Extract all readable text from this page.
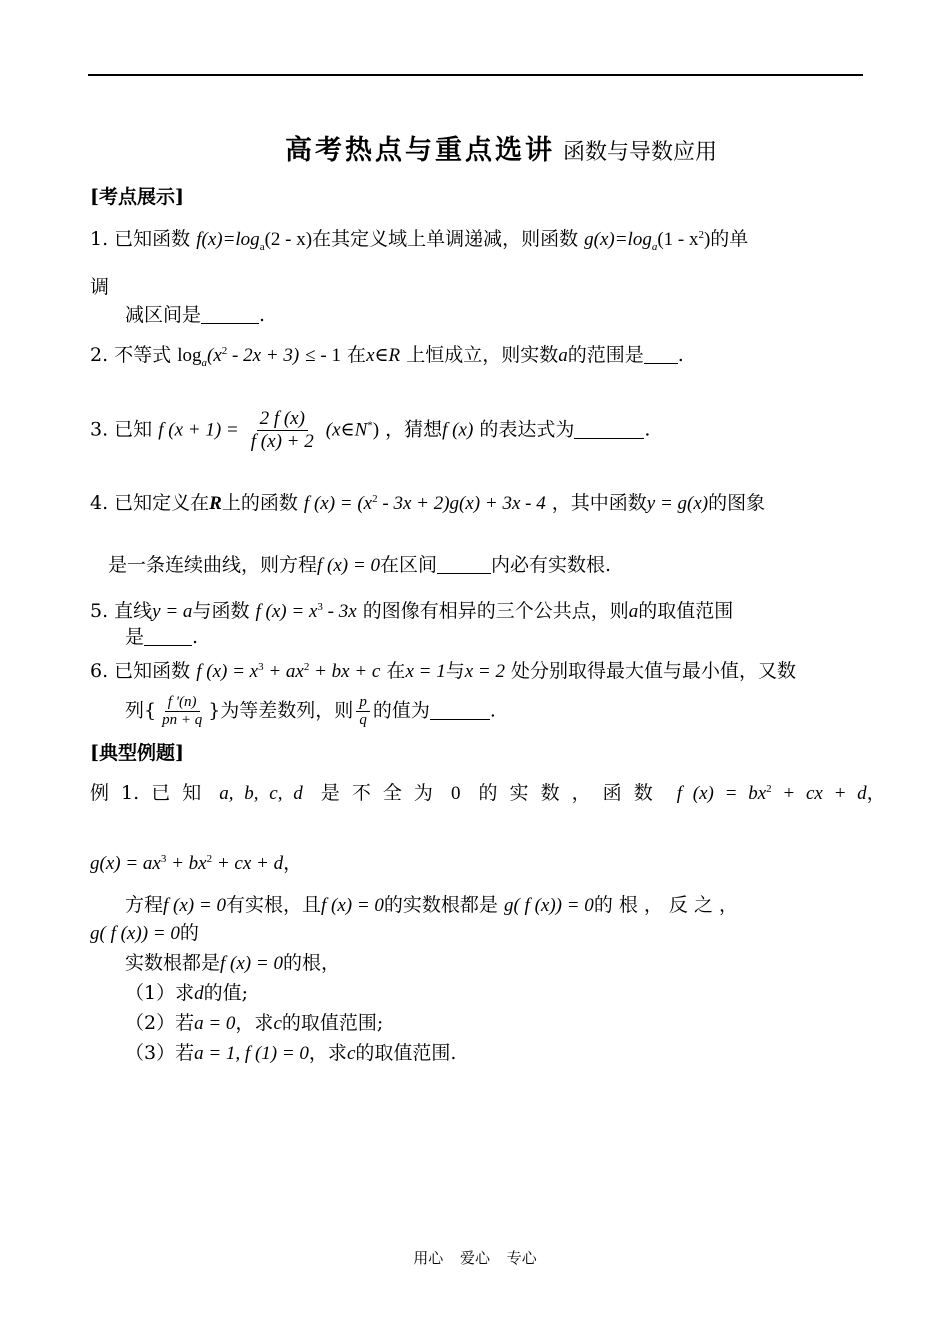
高考热点与重点选讲 函数与导数应用
[考点展示]
1. 已知函数 $f(x)=\log_a(2 - x)$在其定义域上单调递减，则函数 $g(x)=\log_a(1 - x^2)$的单
调
减区间是	.
2. 不等式 $\log_a(x^2 - 2x + 3)$ ≤ - 1 在x∈R 上恒成立，则实数a的范围是 .
3. 已知 f $(x + 1) = \frac{2 f (x)}{f (x) + 2}$ (x∈N*) ，猜想f (x) 的表达式为	.
4. 已知定义在R上的函数 f $(x) = (x^2 - 3x + 2)g(x) + 3x - 4$ ，其中函数y = g(x)的图象
是一条连续曲线，则方程f (x) = 0在区间	内必有实数根.
5. 直线y = a与函数 f $(x) = x^3 - 3x$ 的图像有相异的三个公共点，则a的取值范围
是	.
6. 已知函数 f $(x) = x^3 + ax^2$ + bx + c 在x = 1与x = 2 处分别取得最大值与最小值，又数
列{ $\frac{f '(n)}{pn + q}$ }为等差数列，则 $\frac{p}{q}$ 的值为	.
[典型例题]
例 1. 已 知 a, b, c, d 是 不 全 为 0 的 实 数 ， 函 数 f $(x) = bx^2$ + cx + d，
$g(x) = ax^3 + bx^2$ + cx + d，
方程f (x) = 0有实根，且f (x) = 0的实数根都是 g( f (x)) = 0的 根 ， 反 之 ，
g( f (x)) = 0的
实数根都是f (x) = 0的根，
（1）求d的值;
（2）若a = 0，求c的取值范围;
（3）若a = 1, f (1) = 0，求c的取值范围.
用心 爱心 专心
